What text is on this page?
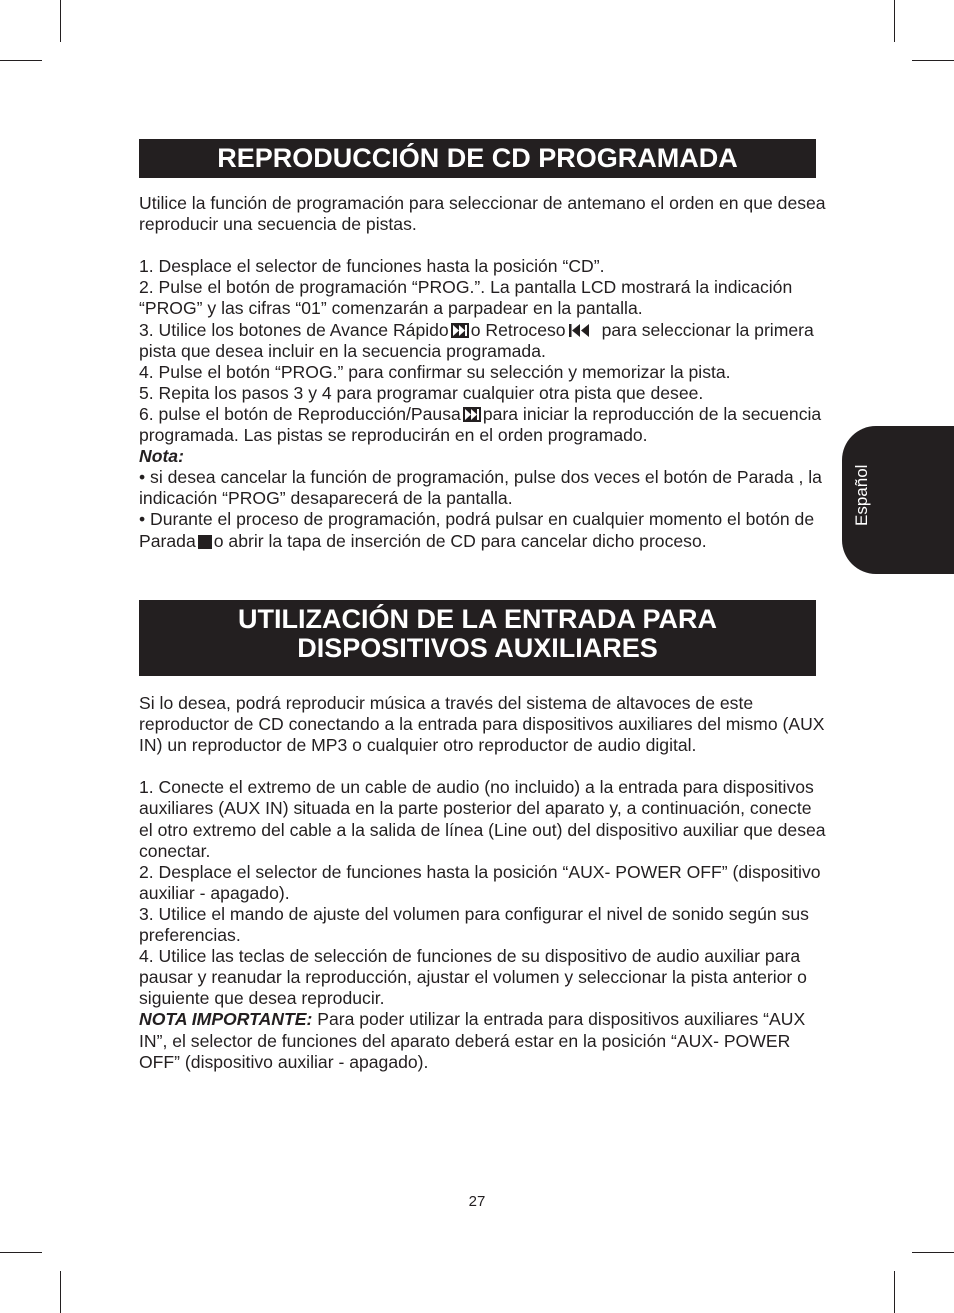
REPRODUCCIÓN DE CD PROGRAMADA

Utilice la función de programación para seleccionar de antemano el orden en que desea reproducir una secuencia de pistas.

1. Desplace el selector de funciones hasta la posición “CD”.

2. Pulse el botón de programación “PROG.”. La pantalla LCD mostrará la indicación “PROG” y las cifras “01” comenzarán a parpadear en la pantalla.

3. Utilice los botones de Avance Rápido o Retroceso para seleccionar la primera pista que desea incluir en la secuencia programada.

4. Pulse el botón “PROG.” para confirmar su selección y memorizar la pista.

5. Repita los pasos 3 y 4 para programar cualquier otra pista que desee.

6. pulse el botón de Reproducción/Pausa para iniciar la reproducción de la secuencia programada. Las pistas se reproducirán en el orden programado.

Nota:

• si desea cancelar la función de programación, pulse dos veces el botón de Parada , la indicación “PROG” desaparecerá de la pantalla.

• Durante el proceso de programación, podrá pulsar en cualquier momento el botón de Parada o abrir la tapa de inserción de CD para cancelar dicho proceso.

UTILIZACIÓN DE LA ENTRADA PARA
DISPOSITIVOS AUXILIARES

Si lo desea, podrá reproducir música a través del sistema de altavoces de este reproductor de CD conectando a la entrada para dispositivos auxiliares del mismo (AUX IN) un reproductor de MP3 o cualquier otro reproductor de audio digital.

1. Conecte el extremo de un cable de audio (no incluido) a la entrada para dispositivos auxiliares (AUX IN) situada en la parte posterior del aparato y, a continuación, conecte el otro extremo del cable a la salida de línea (Line out) del dispositivo auxiliar que desea conectar.

2. Desplace el selector de funciones hasta la posición “AUX- POWER OFF” (dispositivo auxiliar - apagado).

3. Utilice el mando de ajuste del volumen para configurar el nivel de sonido según sus preferencias.

4. Utilice las teclas de selección de funciones de su dispositivo de audio auxiliar para pausar y reanudar la reproducción, ajustar el volumen y seleccionar la pista anterior o siguiente que desea reproducir.

NOTA IMPORTANTE: Para poder utilizar la entrada para dispositivos auxiliares “AUX IN”, el selector de funciones del aparato deberá estar en la posición “AUX- POWER OFF” (dispositivo auxiliar - apagado).

Español
27
